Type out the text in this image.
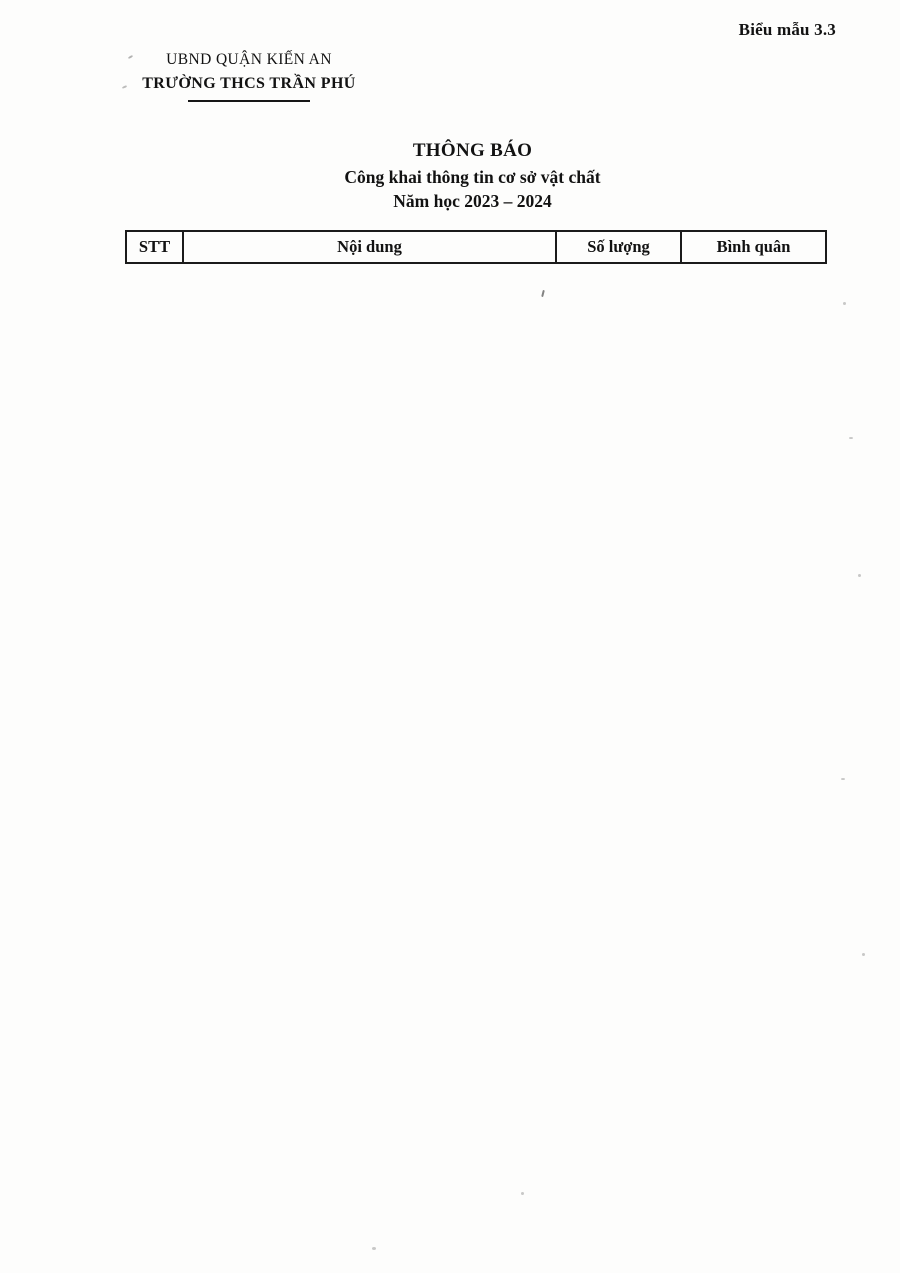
Biểu mẫu 3.3
UBND QUẬN KIẾN AN
TRƯỜNG THCS TRẦN PHÚ
THÔNG BÁO
Công khai thông tin cơ sở vật chất
Năm học 2023 – 2024
STT	Nội dung	Số lượng	Bình quân
